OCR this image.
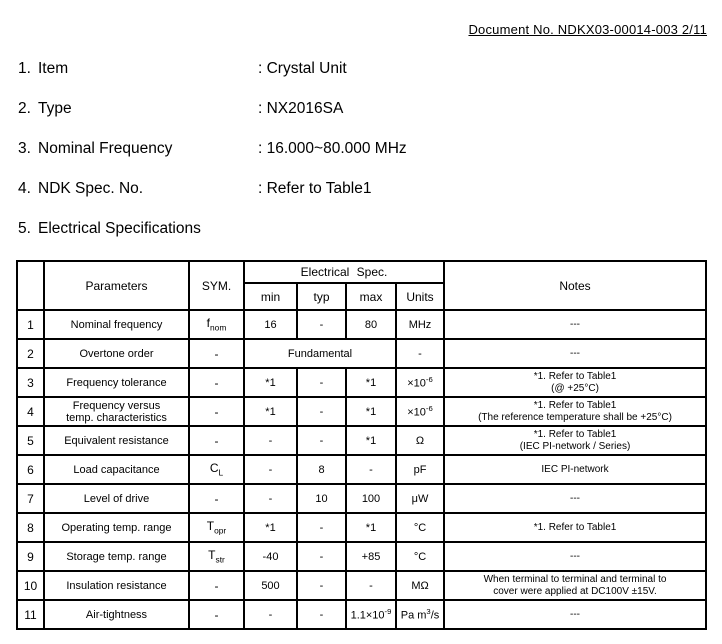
Document No. NDKX03-00014-003 2/11
1. Item	: Crystal Unit
2. Type	: NX2016SA
3. Nominal Frequency	: 16.000~80.000 MHz
4. NDK Spec. No.	: Refer to Table1
5. Electrical Specifications
	Parameters	SYM.	Electrical Spec.				Notes
			min	typ	max	Units	
1	Nominal frequency	$f_{nom}$	16	-	80	MHz	---
2	Overtone order	-	Fundamental			-	---
3	Frequency tolerance	-	*1	-	*1	$\times 10^{-6}$	*1. Refer to Table1
(@ +25°C)
4	Frequency versus
temp. characteristics	-	*1	-	*1	$\times 10^{-6}$	*1. Refer to Table1
(The reference temperature shall be +25°C)
5	Equivalent resistance	-	-	-	*1	Ω	*1. Refer to Table1
(IEC PI-network / Series)
6	Load capacitance	$C_L$	-	8	-	pF	IEC PI-network
7	Level of drive	-	-	10	100	μW	---
8	Operating temp. range	$T_{opr}$	*1	-	*1	°C	*1. Refer to Table1
9	Storage temp. range	$T_{str}$	-40	-	+85	°C	---
10	Insulation resistance	-	500	-	-	MΩ	When terminal to terminal and terminal to
cover were applied at DC100V ±15V.
11	Air-tightness	-	-	-	$1.1\times 10^{-9}$	Pa $m^3/s$	---
